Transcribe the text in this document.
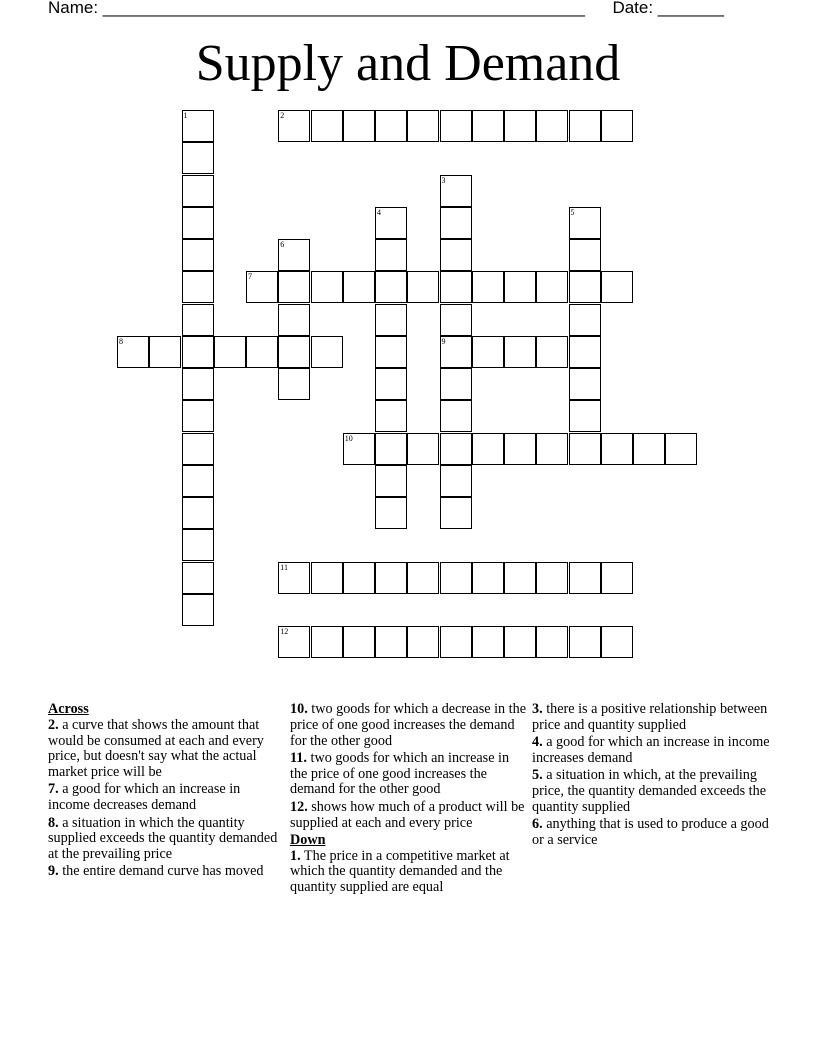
Name: ___________________________________________________ Date: _______
Supply and Demand
1	2
3
9
4	5
6
7
8
10
11
12

Across

2. a curve that shows the amount that would be consumed at each and every price, but doesn't say what the actual market price will be

7. a good for which an increase in income decreases demand

8. a situation in which the quantity supplied exceeds the quantity demanded at the prevailing price

9. the entire demand curve has moved

10. two goods for which a decrease in the price of one good increases the demand for the other good

11. two goods for which an increase in the price of one good increases the demand for the other good

12. shows how much of a product will be supplied at each and every price

Down

1. The price in a competitive market at which the quantity demanded and the quantity supplied are equal

3. there is a positive relationship between price and quantity supplied

4. a good for which an increase in income increases demand

5. a situation in which, at the prevailing price, the quantity demanded exceeds the quantity supplied

6. anything that is used to produce a good or a service
